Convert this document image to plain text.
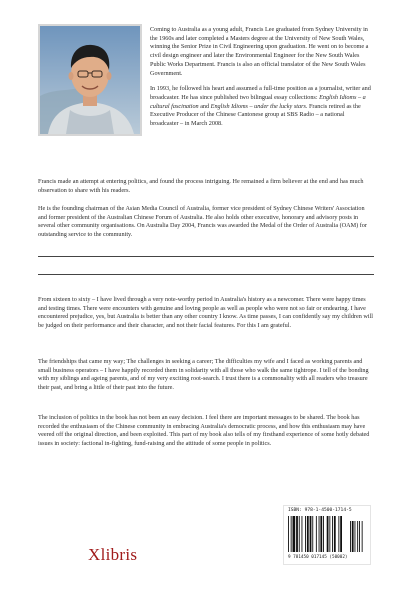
Coming to Australia as a young adult, Francis Lee graduated from Sydney University in the 1960s and later completed a Masters degree at the University of New South Wales, winning the Senior Prize in Civil Engineering upon graduation. He went on to become a civil design engineer and later the Environmental Engineer for the New South Wales Public Works Department. Francis is also an official translator of the New South Wales Government.

In 1993, he followed his heart and assumed a full-time position as a journalist, writer and broadcaster. He has since published two bilingual essay collections: English Idioms – a cultural fascination and English Idioms – under the lucky stars. Francis retired as the Executive Producer of the Chinese Cantonese group at SBS Radio – a national broadcaster – in March 2008.

Francis made an attempt at entering politics, and found the process intriguing. He remained a firm believer at the end and has much observation to share with his readers.

He is the founding chairman of the Asian Media Council of Australia, former vice president of Sydney Chinese Writers' Association and former president of the Australian Chinese Forum of Australia. He also holds other executive, honorary and advisory posts in several other community organisations. On Australia Day 2004, Francis was awarded the Medal of the Order of Australia (OAM) for outstanding service to the community.

From sixteen to sixty – I have lived through a very note-worthy period in Australia's history as a newcomer. There were happy times and testing times. There were encounters with genuine and loving people as well as people who were not so fair or endearing. I have encountered prejudice, yes, but Australia is better than any other country I know. As time passes, I can confidently say my children will be judged on their performance and their character, and not their facial features. For this I am grateful.

The friendships that came my way; The challenges in seeking a career; The difficulties my wife and I faced as working parents and small business operators – I have happily recorded them in solidarity with all those who walk the same tightrope. I tell of the bonding with my siblings and ageing parents, and of my very exciting root-search. I trust there is a commonality with all readers who treasure their past, and bring a little of their past into the future.

The inclusion of politics in the book has not been an easy decision. I feel there are important messages to be shared. The book has recorded the enthusiasm of the Chinese community in embracing Australia's democratic process, and how this enthusiasm may have veered off the original direction, and been exploited. This part of my book also tells of my firsthand experience of some hotly debated issues in society: factional in-fighting, fund-raising and the attitude of some people in politics.

Xlibris
ISBN: 978-1-4500-1714-5
9 781450 017145 (50002)
